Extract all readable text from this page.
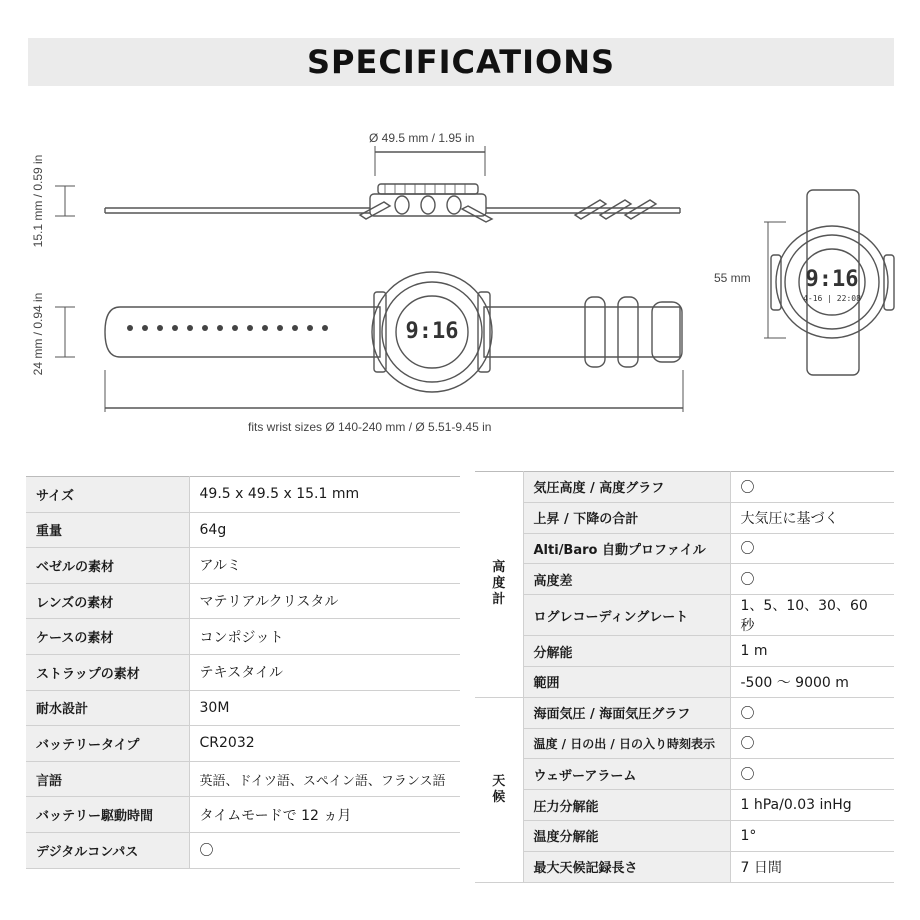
SPECIFICATIONS
9:16
9:16
4-16 | 22:08
Ø 49.5 mm / 1.95 in
15.1 mm / 0.59 in
24 mm / 0.94 in
55 mm
fits wrist sizes Ø 140-240 mm / Ø 5.51-9.45 in
サイズ	49.5 x 49.5 x 15.1 mm
重量	64g
ベゼルの素材	アルミ
レンズの素材	マテリアルクリスタル
ケースの素材	コンポジット
ストラップの素材	テキスタイル
耐水設計	30M
バッテリータイプ	CR2032
言語	英語、ドイツ語、スペイン語、フランス語
バッテリー駆動時間	タイムモードで 12 ヵ月
デジタルコンパス	〇
高度計	気圧高度 / 高度グラフ	〇
	上昇 / 下降の合計	大気圧に基づく
	Alti/Baro 自動プロファイル	〇
	高度差	〇
	ログレコーディングレート	1、5、10、30、60 秒
	分解能	1 m
	範囲	-500 ～ 9000 m
天候	海面気圧 / 海面気圧グラフ	〇
	温度 / 日の出 / 日の入り時刻表示	〇
	ウェザーアラーム	〇
	圧力分解能	1 hPa/0.03 inHg
	温度分解能	1°
	最大天候記録長さ	7 日間
